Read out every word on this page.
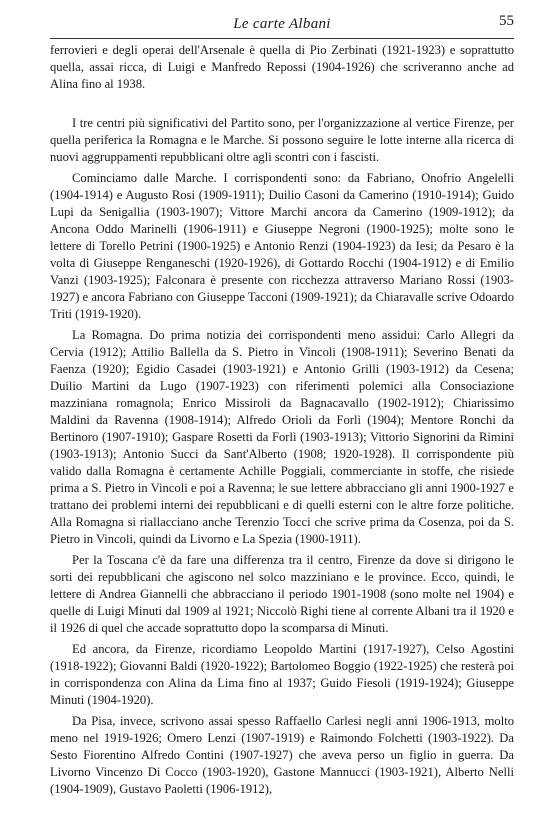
Le carte Albani	55

ferrovieri e degli operai dell'Arsenale è quella di Pio Zerbinati (1921-1923) e soprattutto quella, assai ricca, di Luigi e Manfredo Repossi (1904-1926) che scriveranno anche ad Alina fino al 1938.

I tre centri più significativi del Partito sono, per l'organizzazione al vertice Firenze, per quella periferica la Romagna e le Marche. Si possono seguire le lotte interne alla ricerca di nuovi aggruppamenti repubblicani oltre agli scontri con i fascisti.

Cominciamo dalle Marche. I corrispondenti sono: da Fabriano, Onofrio Angelelli (1904-1914) e Augusto Rosi (1909-1911); Duilio Casoni da Camerino (1910-1914); Guido Lupi da Senigallia (1903-1907); Vittore Marchi ancora da Camerino (1909-1912); da Ancona Oddo Marinelli (1906-1911) e Giuseppe Negroni (1900-1925); molte sono le lettere di Torello Petrini (1900-1925) e Antonio Renzi (1904-1923) da Iesi; da Pesaro è la volta di Giuseppe Renganeschi (1920-1926), di Gottardo Rocchi (1904-1912) e di Emilio Vanzi (1903-1925); Falconara è presente con ricchezza attraverso Mariano Rossi (1903-1927) e ancora Fabriano con Giuseppe Tacconi (1909-1921); da Chiaravalle scrive Odoardo Triti (1919-1920).

La Romagna. Do prima notizia dei corrispondenti meno assidui: Carlo Allegri da Cervia (1912); Attilio Ballella da S. Pietro in Vincoli (1908-1911); Severino Benati da Faenza (1920); Egidio Casadei (1903-1921) e Antonio Grilli (1903-1912) da Cesena; Duilio Martini da Lugo (1907-1923) con riferimenti polemici alla Consociazione mazziniana romagnola; Enrico Missiroli da Bagnacavallo (1902-1912); Chiarissimo Maldini da Ravenna (1908-1914); Alfredo Orioli da Forlì (1904); Mentore Ronchi da Bertinoro (1907-1910); Gaspare Rosetti da Forlì (1903-1913); Vittorio Signorini da Rimini (1903-1913); Antonio Succi da Sant'Alberto (1908; 1920-1928). Il corrispondente più valido dalla Romagna è certamente Achille Poggiali, commerciante in stoffe, che risiede prima a S. Pietro in Vincoli e poi a Ravenna; le sue lettere abbracciano gli anni 1900-1927 e trattano dei problemi interni dei repubblicani e di quelli esterni con le altre forze politiche. Alla Romagna si riallacciano anche Terenzio Tocci che scrive prima da Cosenza, poi da S. Pietro in Vincoli, quindi da Livorno e La Spezia (1900-1911).

Per la Toscana c'è da fare una differenza tra il centro, Firenze da dove si dirigono le sorti dei repubblicani che agiscono nel solco mazziniano e le province. Ecco, quindi, le lettere di Andrea Giannelli che abbracciano il periodo 1901-1908 (sono molte nel 1904) e quelle di Luigi Minuti dal 1909 al 1921; Niccolò Righi tiene al corrente Albani tra il 1920 e il 1926 di quel che accade soprattutto dopo la scomparsa di Minuti.

Ed ancora, da Firenze, ricordiamo Leopoldo Martini (1917-1927), Celso Agostini (1918-1922); Giovanni Baldi (1920-1922); Bartolomeo Boggio (1922-1925) che resterà poi in corrispondenza con Alina da Lima fino al 1937; Guido Fiesoli (1919-1924); Giuseppe Minuti (1904-1920).

Da Pisa, invece, scrivono assai spesso Raffaello Carlesi negli anni 1906-1913, molto meno nel 1919-1926; Omero Lenzi (1907-1919) e Raimondo Folchetti (1903-1922). Da Sesto Fiorentino Alfredo Contini (1907-1927) che aveva perso un figlio in guerra. Da Livorno Vincenzo Di Cocco (1903-1920), Gastone Mannucci (1903-1921), Alberto Nelli (1904-1909), Gustavo Paoletti (1906-1912),
